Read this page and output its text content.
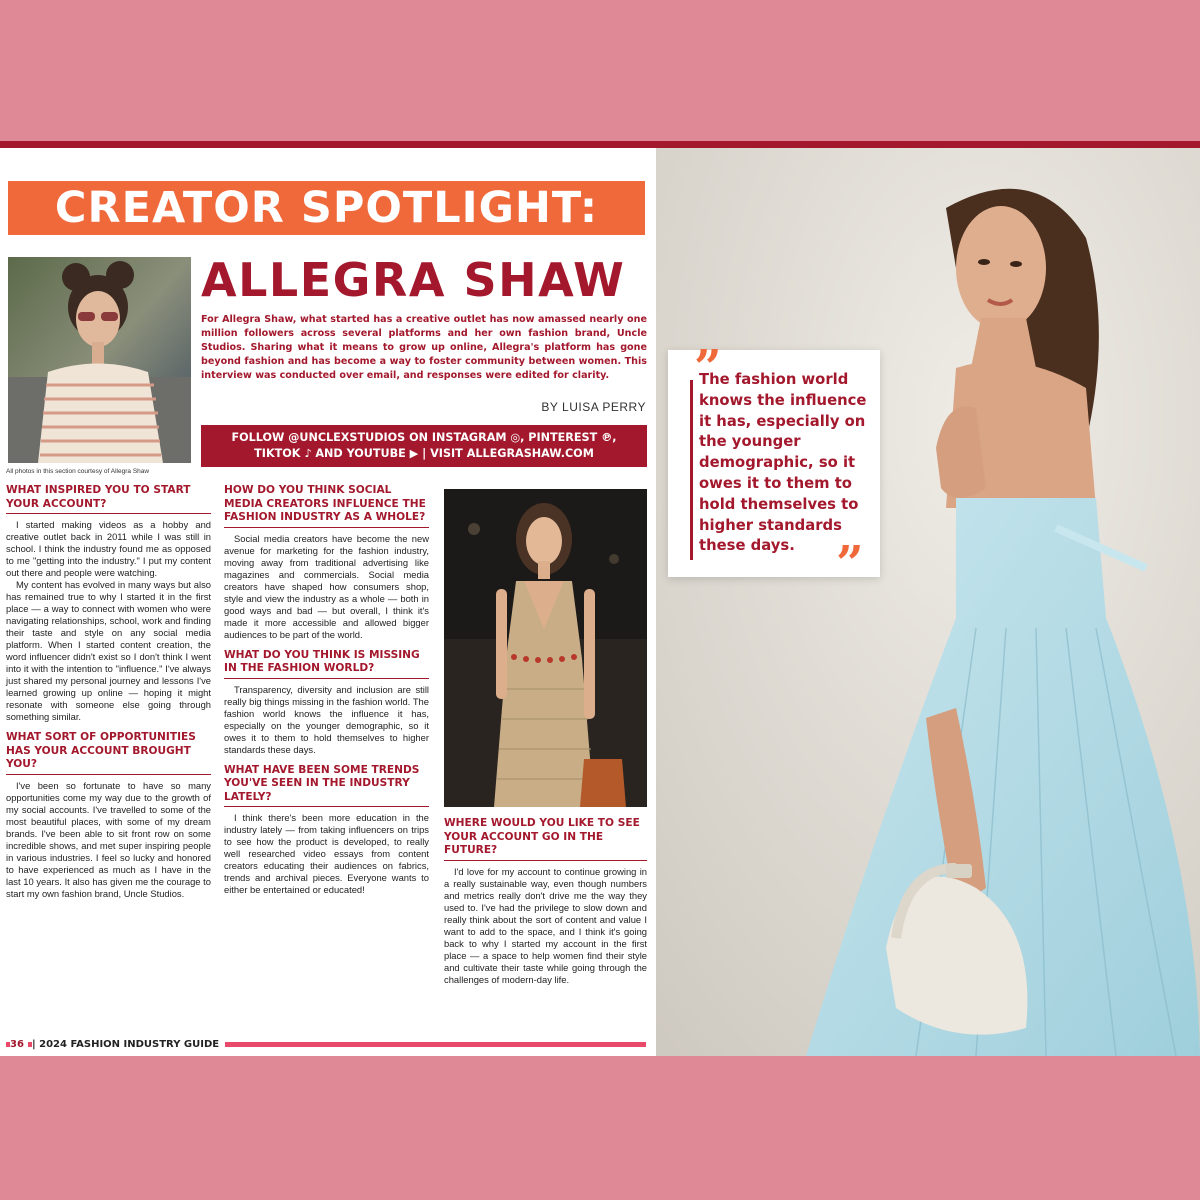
CREATOR SPOTLIGHT:
All photos in this section courtesy of Allegra Shaw
ALLEGRA SHAW

For Allegra Shaw, what started has a creative outlet has now amassed nearly one million followers across several platforms and her own fashion brand, Uncle Studios. Sharing what it means to grow up online, Allegra's platform has gone beyond fashion and has become a way to foster community between women. This interview was conducted over email, and responses were edited for clarity.

BY LUISA PERRY
FOLLOW @UNCLEXSTUDIOS ON INSTAGRAM ◎, PINTEREST ℗,
TIKTOK ♪ AND YOUTUBE ▶ | VISIT ALLEGRASHAW.COM
WHAT INSPIRED YOU TO START YOUR ACCOUNT?

I started making videos as a hobby and creative outlet back in 2011 while I was still in school. I think the industry found me as opposed to me "getting into the industry." I put my content out there and people were watching.

My content has evolved in many ways but also has remained true to why I started it in the first place — a way to connect with women who were navigating relationships, school, work and finding their taste and style on any social media platform. When I started content creation, the word influencer didn't exist so I don't think I went into it with the intention to "influence." I've always just shared my personal journey and lessons I've learned growing up online — hoping it might resonate with someone else going through something similar.

WHAT SORT OF OPPORTUNITIES HAS YOUR ACCOUNT BROUGHT YOU?

I've been so fortunate to have so many opportunities come my way due to the growth of my social accounts. I've travelled to some of the most beautiful places, with some of my dream brands. I've been able to sit front row on some incredible shows, and met super inspiring people in various industries. I feel so lucky and honored to have experienced as much as I have in the last 10 years. It also has given me the courage to start my own fashion brand, Uncle Studios.

HOW DO YOU THINK SOCIAL MEDIA CREATORS INFLUENCE THE FASHION INDUSTRY AS A WHOLE?

Social media creators have become the new avenue for marketing for the fashion industry, moving away from traditional advertising like magazines and commercials. Social media creators have shaped how consumers shop, style and view the industry as a whole — both in good ways and bad — but overall, I think it's made it more accessible and allowed bigger audiences to be part of the world.

WHAT DO YOU THINK IS MISSING IN THE FASHION WORLD?

Transparency, diversity and inclusion are still really big things missing in the fashion world. The fashion world knows the influence it has, especially on the younger demographic, so it owes it to them to hold themselves to higher standards these days.

WHAT HAVE BEEN SOME TRENDS YOU'VE SEEN IN THE INDUSTRY LATELY?

I think there's been more education in the industry lately — from taking influencers on trips to see how the product is developed, to really well researched video essays from content creators educating their audiences on fabrics, trends and archival pieces. Everyone wants to either be entertained or educated!

WHERE WOULD YOU LIKE TO SEE YOUR ACCOUNT GO IN THE FUTURE?

I'd love for my account to continue growing in a really sustainable way, even though numbers and metrics really don't drive me the way they used to. I've had the privilege to slow down and really think about the sort of content and value I want to add to the space, and I think it's going back to why I started my account in the first place — a space to help women find their style and cultivate their taste while going through the challenges of modern-day life.

36 | 2024 FASHION INDUSTRY GUIDE
”

The fashion world knows the influence it has, especially on the younger demographic, so it owes it to them to hold themselves to higher standards these days. ”
